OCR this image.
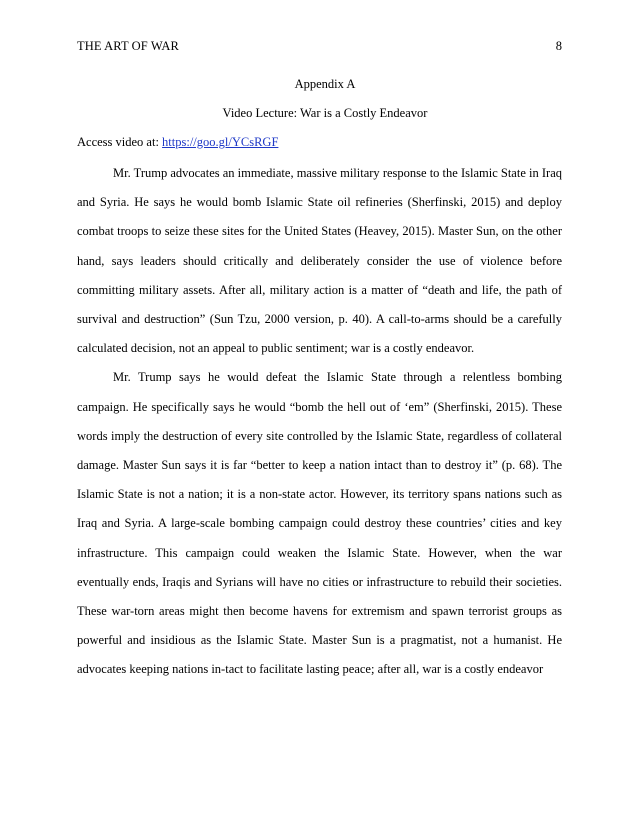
THE ART OF WAR	8
Appendix A
Video Lecture: War is a Costly Endeavor
Access video at: https://goo.gl/YCsRGF

Mr. Trump advocates an immediate, massive military response to the Islamic State in Iraq and Syria. He says he would bomb Islamic State oil refineries (Sherfinski, 2015) and deploy combat troops to seize these sites for the United States (Heavey, 2015). Master Sun, on the other hand, says leaders should critically and deliberately consider the use of violence before committing military assets. After all, military action is a matter of “death and life, the path of survival and destruction” (Sun Tzu, 2000 version, p. 40). A call-to-arms should be a carefully calculated decision, not an appeal to public sentiment; war is a costly endeavor.

Mr. Trump says he would defeat the Islamic State through a relentless bombing campaign. He specifically says he would “bomb the hell out of ‘em” (Sherfinski, 2015). These words imply the destruction of every site controlled by the Islamic State, regardless of collateral damage. Master Sun says it is far “better to keep a nation intact than to destroy it” (p. 68). The Islamic State is not a nation; it is a non-state actor. However, its territory spans nations such as Iraq and Syria. A large-scale bombing campaign could destroy these countries’ cities and key infrastructure. This campaign could weaken the Islamic State. However, when the war eventually ends, Iraqis and Syrians will have no cities or infrastructure to rebuild their societies. These war-torn areas might then become havens for extremism and spawn terrorist groups as powerful and insidious as the Islamic State. Master Sun is a pragmatist, not a humanist. He advocates keeping nations in-tact to facilitate lasting peace; after all, war is a costly endeavor
